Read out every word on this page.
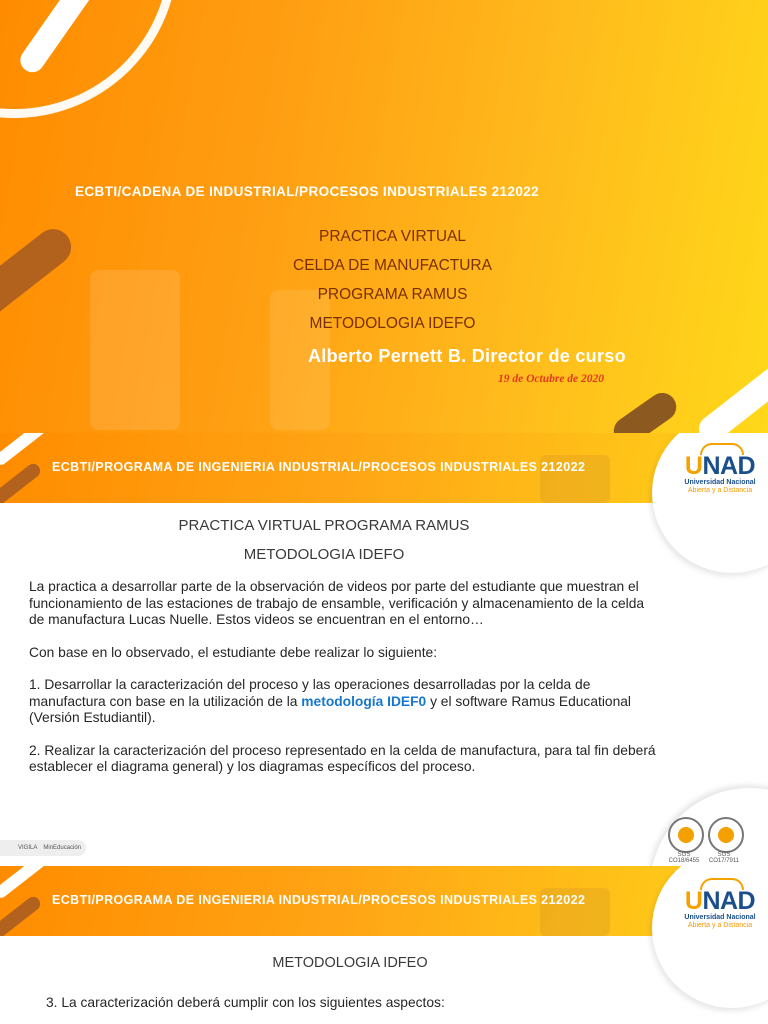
ECBTI/CADENA DE INDUSTRIAL/PROCESOS INDUSTRIALES 212022
PRACTICA VIRTUAL
CELDA DE MANUFACTURA
PROGRAMA RAMUS
METODOLOGIA IDEFO
Alberto Pernett B. Director de curso
19 de Octubre de 2020
ECBTI/PROGRAMA DE INGENIERIA INDUSTRIAL/PROCESOS INDUSTRIALES 212022	UNAD
Universidad Nacional
Abierta y a Distancia
PRACTICA VIRTUAL PROGRAMA RAMUS
METODOLOGIA IDEFO

La practica a desarrollar parte de la observación de videos por parte del estudiante que muestran el funcionamiento de las estaciones de trabajo de ensamble, verificación y almacenamiento de la celda de manufactura Lucas Nuelle. Estos videos se encuentran en el entorno…

Con base en lo observado, el estudiante debe realizar lo siguiente:

1. Desarrollar la caracterización del proceso y las operaciones desarrolladas por la celda de manufactura con base en la utilización de la metodología IDEF0 y el software Ramus Educational (Versión Estudiantil).

2. Realizar la caracterización del proceso representado en la celda de manufactura, para tal fin deberá establecer el diagrama general) y los diagramas específicos del proceso.

SGS
CO18/6455
SGS
CO17/7911
VIGILA MinEducación
ECBTI/PROGRAMA DE INGENIERIA INDUSTRIAL/PROCESOS INDUSTRIALES 212022	UNAD
Universidad Nacional
Abierta y a Distancia
METODOLOGIA IDFEO
3. La caracterización deberá cumplir con los siguientes aspectos:
